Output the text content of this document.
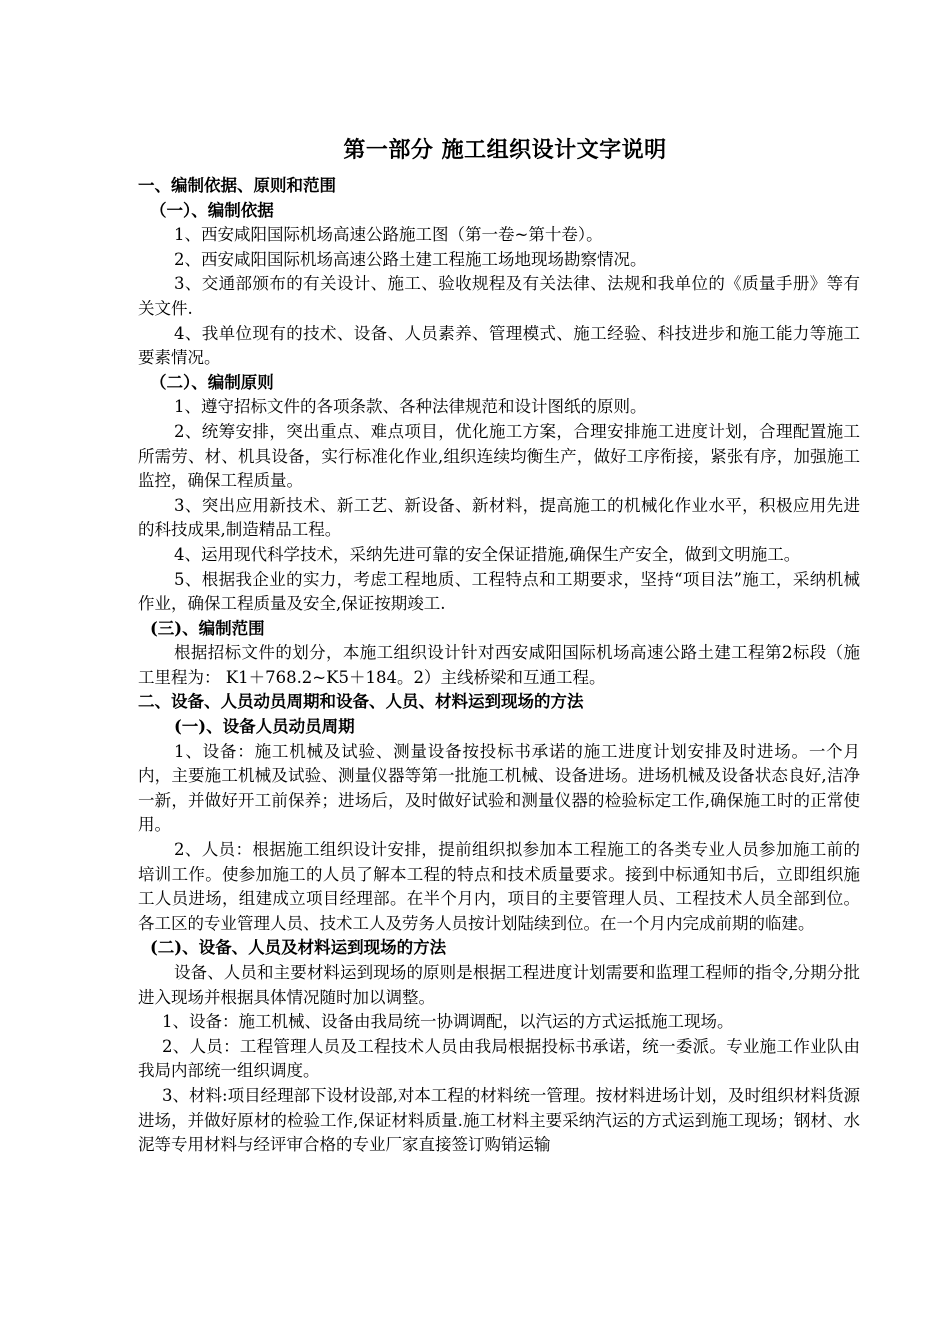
第一部分 施工组织设计文字说明

一、编制依据、原则和范围

（一）、编制依据

1、西安咸阳国际机场高速公路施工图（第一卷~第十卷）。

2、西安咸阳国际机场高速公路土建工程施工场地现场勘察情况。

3、交通部颁布的有关设计、施工、验收规程及有关法律、法规和我单位的《质量手册》等有关文件.

4、我单位现有的技术、设备、人员素养、管理模式、施工经验、科技进步和施工能力等施工要素情况。

（二）、编制原则

1、遵守招标文件的各项条款、各种法律规范和设计图纸的原则。

2、统筹安排，突出重点、难点项目，优化施工方案，合理安排施工进度计划，合理配置施工所需劳、材、机具设备，实行标准化作业,组织连续均衡生产，做好工序衔接，紧张有序，加强施工监控，确保工程质量。

3、突出应用新技术、新工艺、新设备、新材料，提高施工的机械化作业水平，积极应用先进的科技成果,制造精品工程。

4、运用现代科学技术，采纳先进可靠的安全保证措施,确保生产安全，做到文明施工。

5、根据我企业的实力，考虑工程地质、工程特点和工期要求，坚持“项目法”施工，采纳机械作业，确保工程质量及安全,保证按期竣工.

(三)、编制范围

根据招标文件的划分，本施工组织设计针对西安咸阳国际机场高速公路土建工程第2标段（施工里程为： K1＋768.2~K5＋184。2）主线桥梁和互通工程。

二、设备、人员动员周期和设备、人员、材料运到现场的方法

(一)、设备人员动员周期

1、设备：施工机械及试验、测量设备按投标书承诺的施工进度计划安排及时进场。一个月内，主要施工机械及试验、测量仪器等第一批施工机械、设备进场。进场机械及设备状态良好,洁净一新，并做好开工前保养；进场后，及时做好试验和测量仪器的检验标定工作,确保施工时的正常使用。

2、人员：根据施工组织设计安排，提前组织拟参加本工程施工的各类专业人员参加施工前的培训工作。使参加施工的人员了解本工程的特点和技术质量要求。接到中标通知书后，立即组织施工人员进场，组建成立项目经理部。在半个月内，项目的主要管理人员、工程技术人员全部到位。各工区的专业管理人员、技术工人及劳务人员按计划陆续到位。在一个月内完成前期的临建。

(二)、设备、人员及材料运到现场的方法

设备、人员和主要材料运到现场的原则是根据工程进度计划需要和监理工程师的指令,分期分批进入现场并根据具体情况随时加以调整。

1、设备：施工机械、设备由我局统一协调调配，以汽运的方式运抵施工现场。

2、人员：工程管理人员及工程技术人员由我局根据投标书承诺，统一委派。专业施工作业队由我局内部统一组织调度。

3、材料:项目经理部下设材设部,对本工程的材料统一管理。按材料进场计划，及时组织材料货源进场，并做好原材的检验工作,保证材料质量.施工材料主要采纳汽运的方式运到施工现场；钢材、水泥等专用材料与经评审合格的专业厂家直接签订购销运输
